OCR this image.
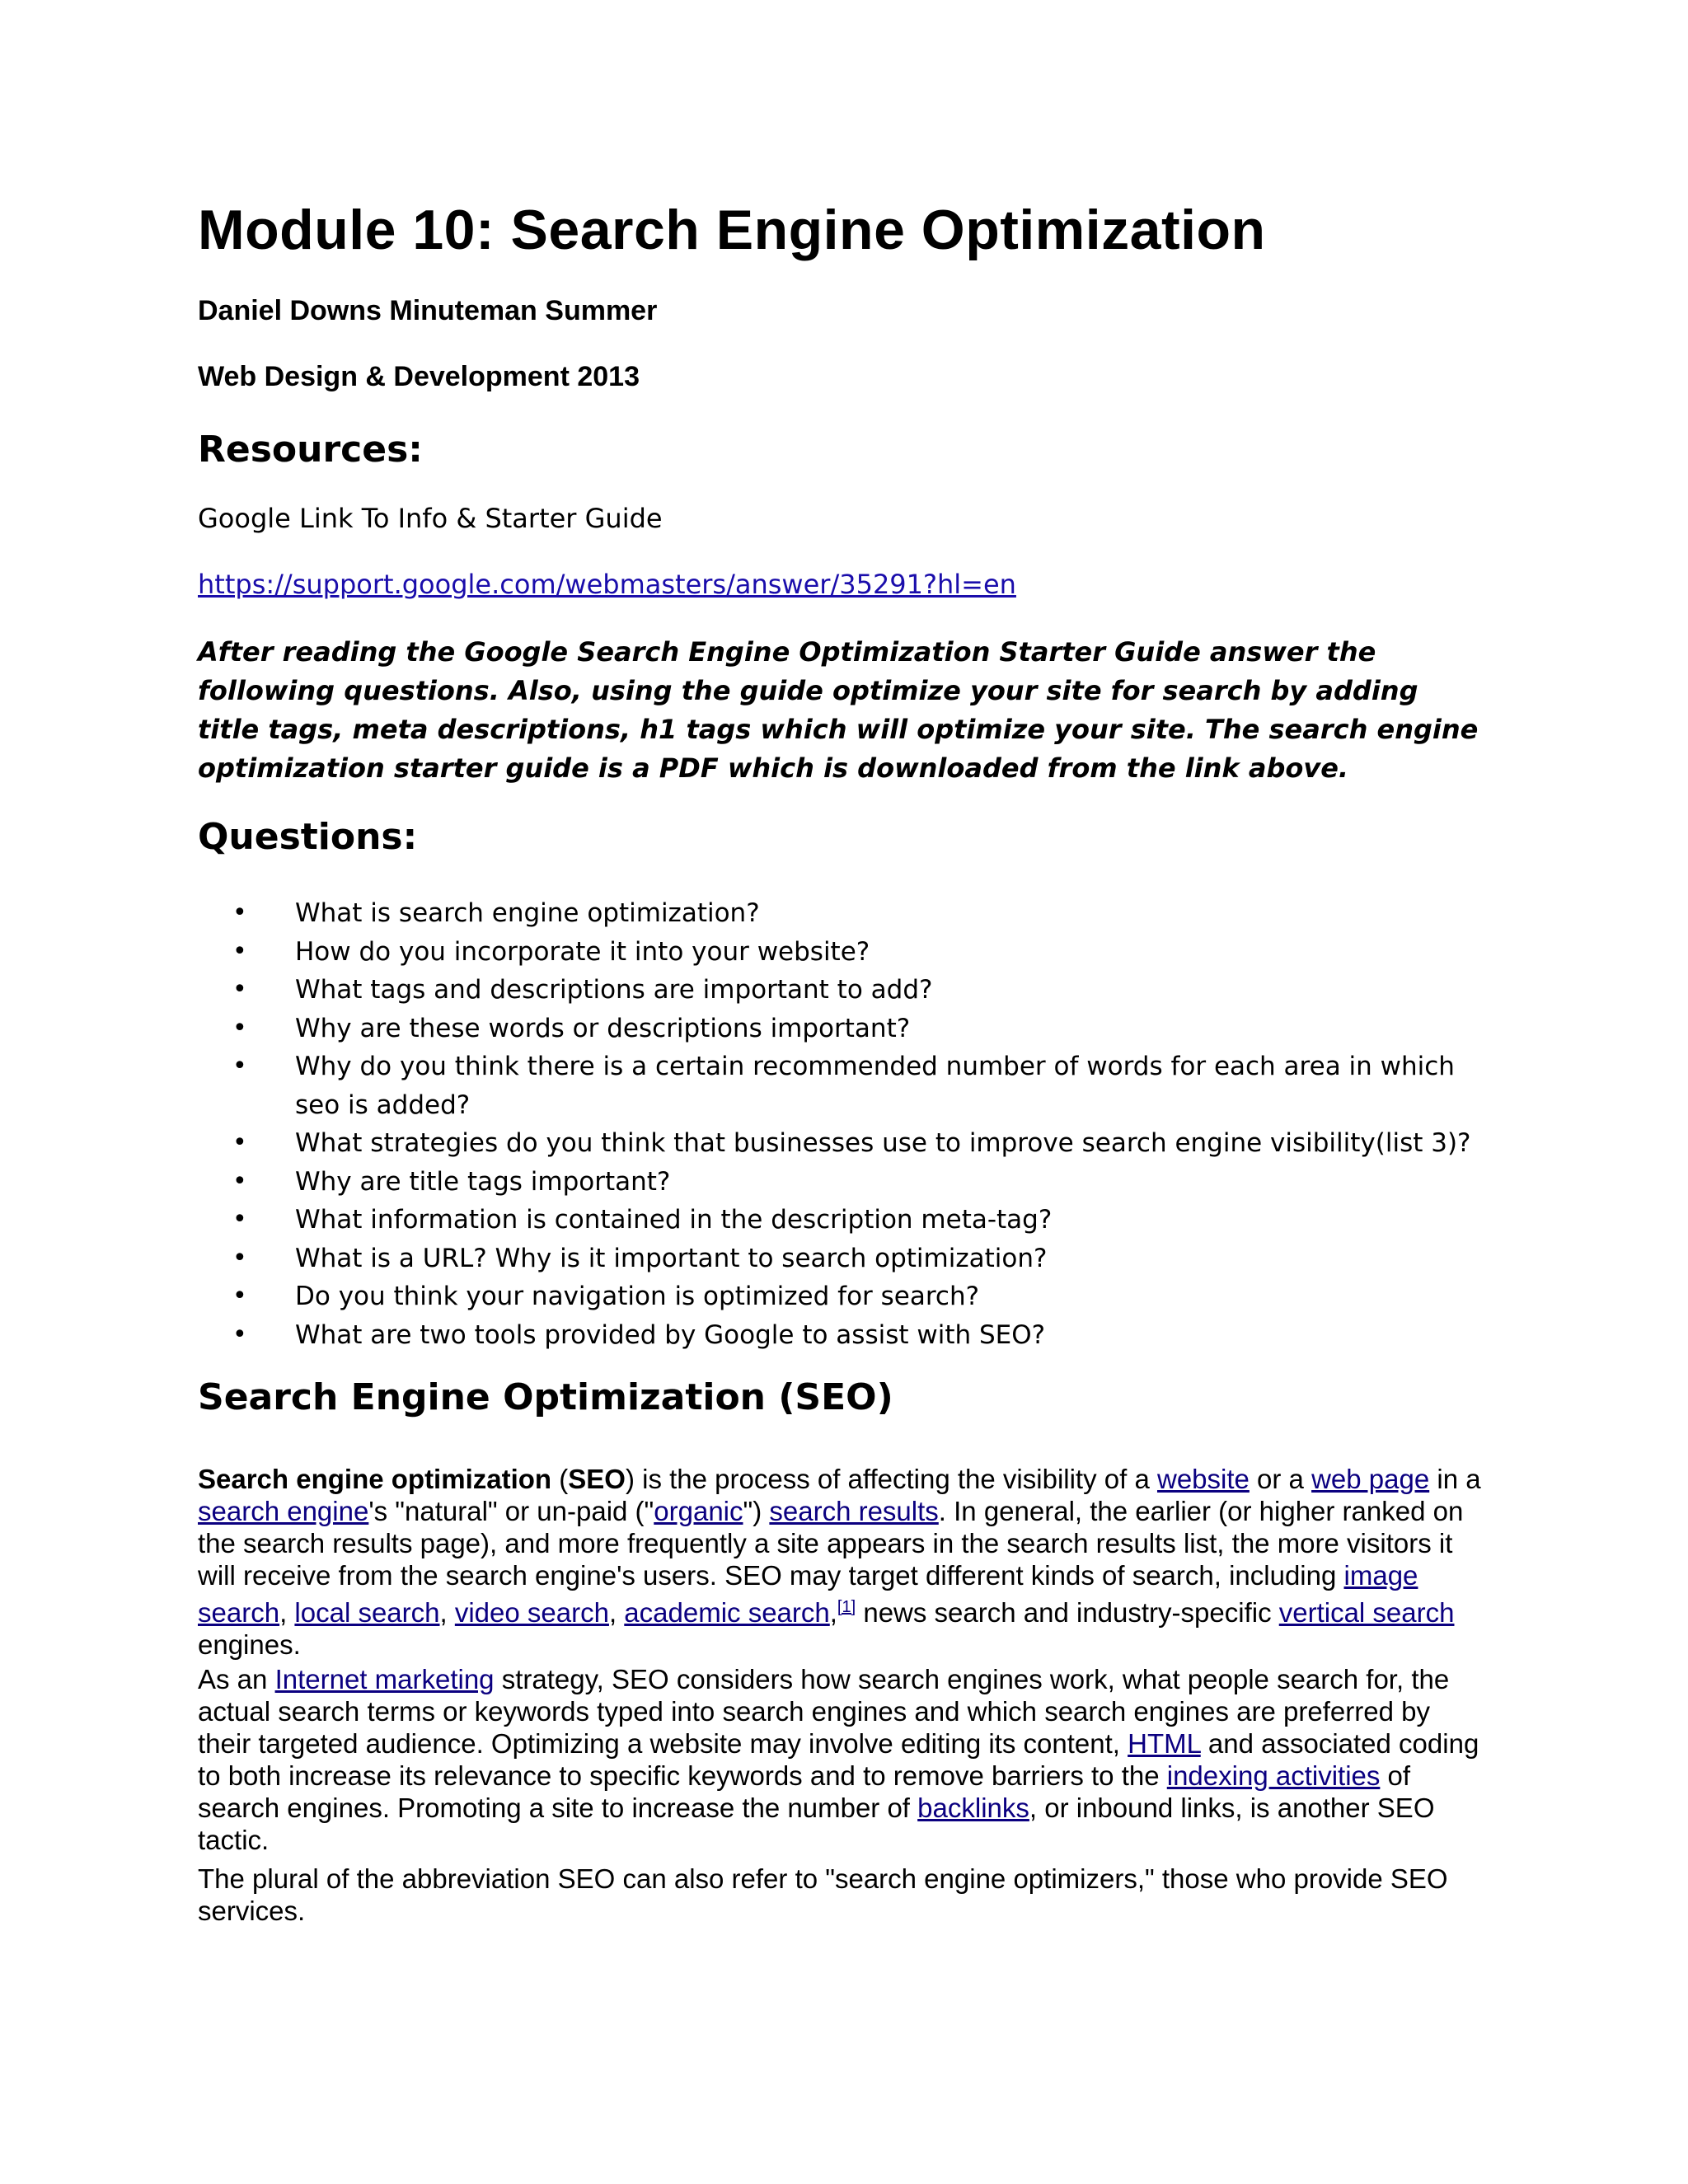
Module 10: Search Engine Optimization
Daniel Downs Minuteman Summer
Web Design & Development 2013
Resources:
Google Link To Info & Starter Guide
https://support.google.com/webmasters/answer/35291?hl=en

After reading the Google Search Engine Optimization Starter Guide answer the following questions. Also, using the guide optimize your site for search by adding title tags, meta descriptions, h1 tags which will optimize your site. The search engine optimization starter guide is a PDF which is downloaded from the link above.

Questions:
• What is search engine optimization?
• How do you incorporate it into your website?
• What tags and descriptions are important to add?
• Why are these words or descriptions important?
• Why do you think there is a certain recommended number of words for each area in which seo is added?
• What strategies do you think that businesses use to improve search engine visibility(list 3)?
• Why are title tags important?
• What information is contained in the description meta-tag?
• What is a URL? Why is it important to search optimization?
• Do you think your navigation is optimized for search?
• What are two tools provided by Google to assist with SEO?
Search Engine Optimization (SEO)

Search engine optimization (SEO) is the process of affecting the visibility of a website or a web page in a search engine's "natural" or un-paid ("organic") search results. In general, the earlier (or higher ranked on the search results page), and more frequently a site appears in the search results list, the more visitors it will receive from the search engine's users. SEO may target different kinds of search, including image search, local search, video search, academic search,[1] news search and industry-specific vertical search engines.

As an Internet marketing strategy, SEO considers how search engines work, what people search for, the actual search terms or keywords typed into search engines and which search engines are preferred by their targeted audience. Optimizing a website may involve editing its content, HTML and associated coding to both increase its relevance to specific keywords and to remove barriers to the indexing activities of search engines. Promoting a site to increase the number of backlinks, or inbound links, is another SEO tactic.

The plural of the abbreviation SEO can also refer to "search engine optimizers," those who provide SEO services.
